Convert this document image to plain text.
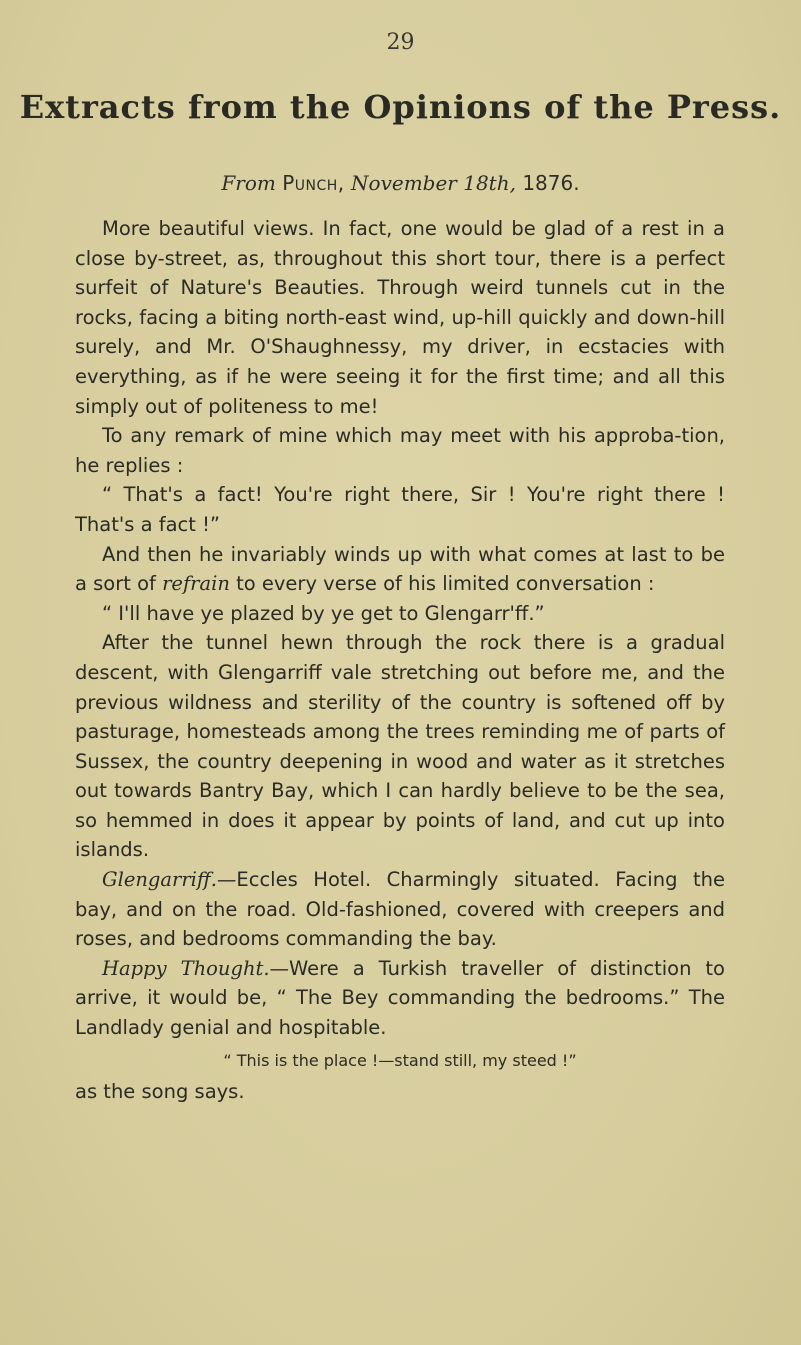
29
Extracts from the Opinions of the Press.
From Punch, November 18th, 1876.

More beautiful views. In fact, one would be glad of a rest in a close by-street, as, throughout this short tour, there is a perfect surfeit of Nature's Beauties. Through weird tunnels cut in the rocks, facing a biting north-east wind, up-hill quickly and down-hill surely, and Mr. O'Shaughnessy, my driver, in ecstacies with everything, as if he were seeing it for the first time; and all this simply out of politeness to me!

To any remark of mine which may meet with his approba-tion, he replies :

“ That's a fact! You're right there, Sir ! You're right there ! That's a fact !”

And then he invariably winds up with what comes at last to be a sort of refrain to every verse of his limited conversation :

“ I'll have ye plazed by ye get to Glengarr'ff.”

After the tunnel hewn through the rock there is a gradual descent, with Glengarriff vale stretching out before me, and the previous wildness and sterility of the country is softened off by pasturage, homesteads among the trees reminding me of parts of Sussex, the country deepening in wood and water as it stretches out towards Bantry Bay, which I can hardly believe to be the sea, so hemmed in does it appear by points of land, and cut up into islands.

Glengarriff.—Eccles Hotel. Charmingly situated. Facing the bay, and on the road. Old-fashioned, covered with creepers and roses, and bedrooms commanding the bay.

Happy Thought.—Were a Turkish traveller of distinction to arrive, it would be, “ The Bey commanding the bedrooms.” The Landlady genial and hospitable.

“ This is the place !—stand still, my steed !”

as the song says.
